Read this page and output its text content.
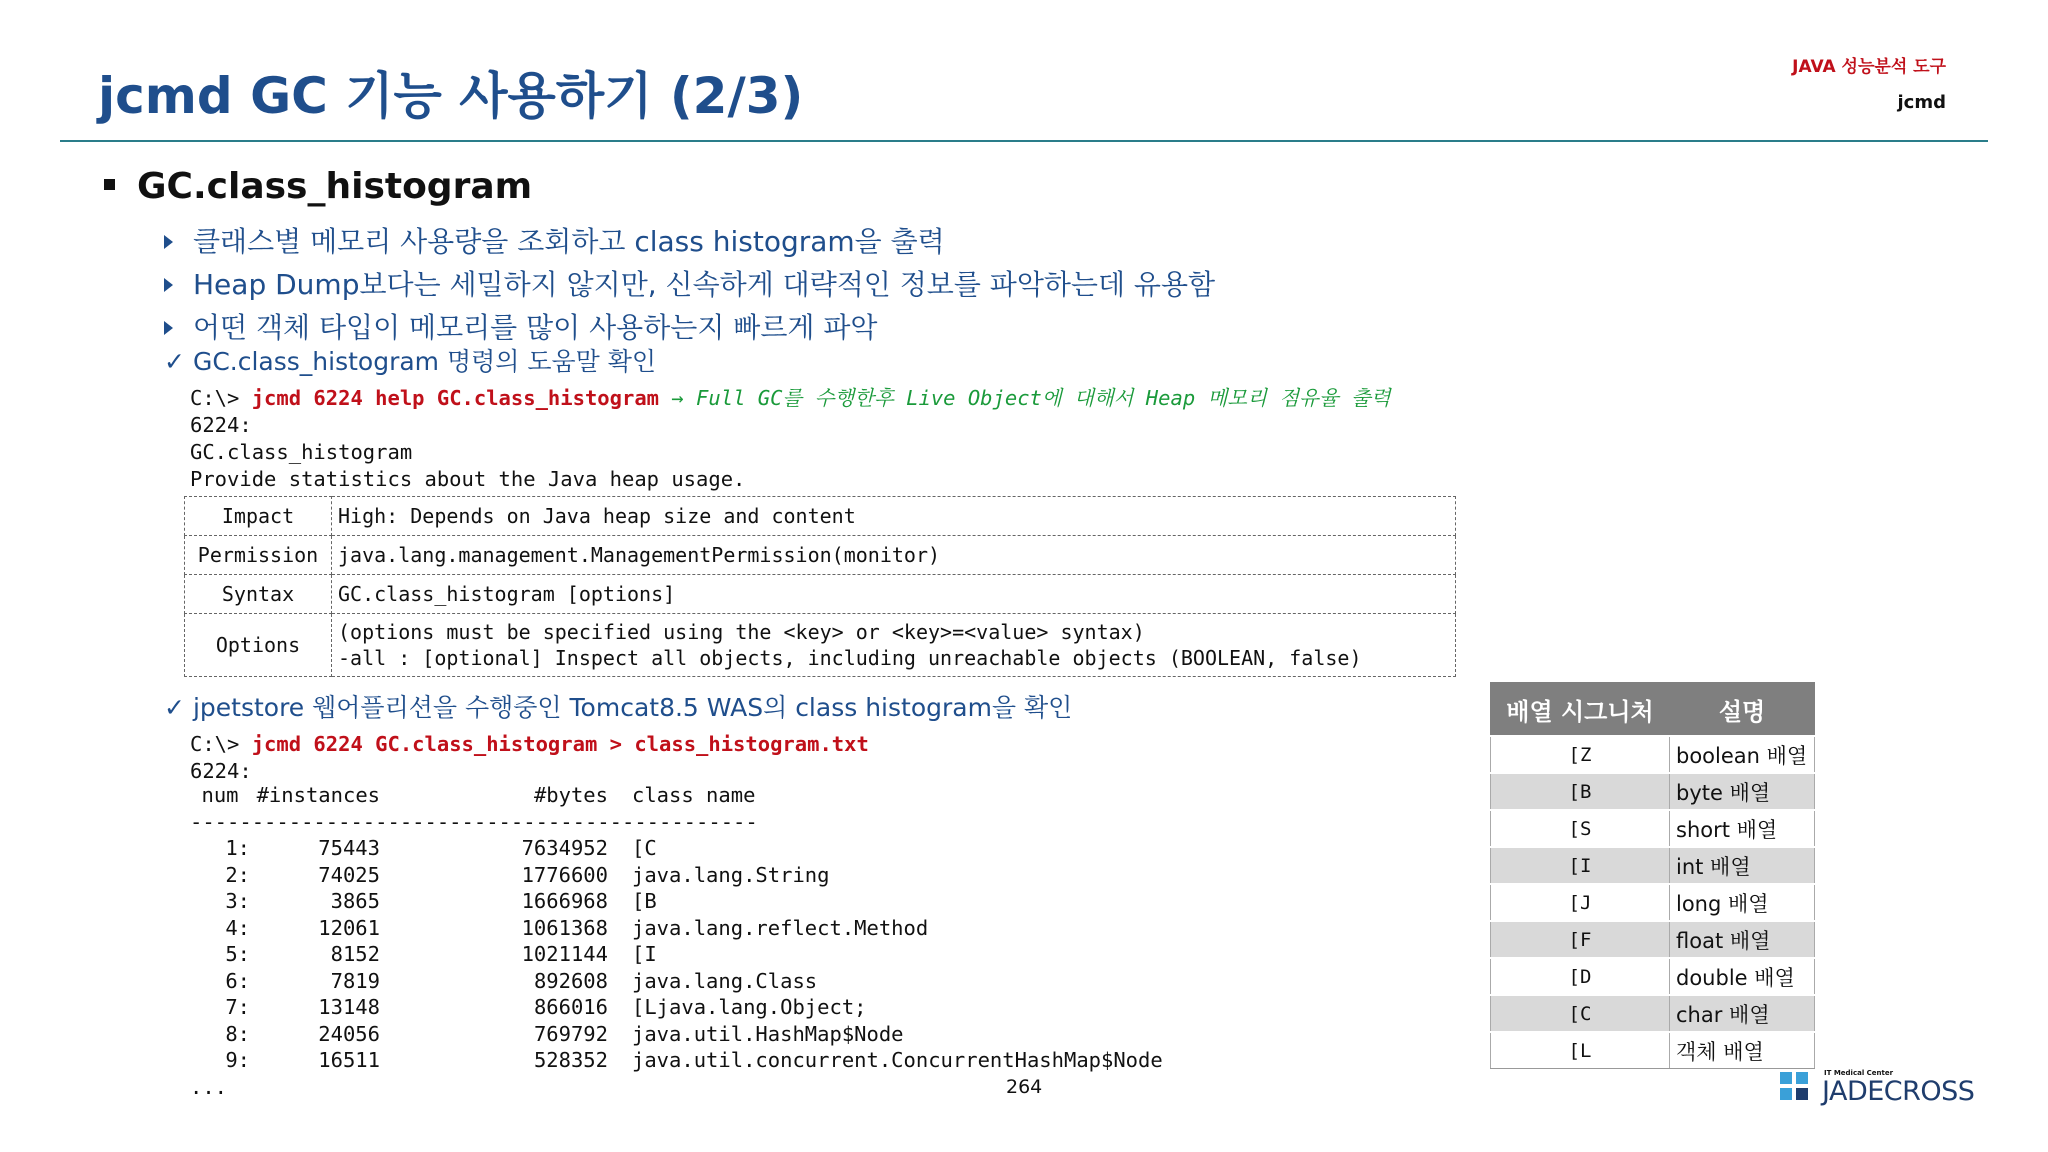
jcmd GC 기능 사용하기 (2/3)	JAVA 성능분석 도구
jcmd
GC.class_histogram
클래스별 메모리 사용량을 조회하고 class histogram을 출력
Heap Dump보다는 세밀하지 않지만, 신속하게 대략적인 정보를 파악하는데 유용함
어떤 객체 타입이 메모리를 많이 사용하는지 빠르게 파악
✓ GC.class_histogram 명령의 도움말 확인
C:\> jcmd 6224 help GC.class_histogram → Full GC를 수행한후 Live Object에 대해서 Heap 메모리 점유율 출력
6224:
GC.class_histogram
Provide statistics about the Java heap usage.
Impact	High: Depends on Java heap size and content
Permission	java.lang.management.ManagementPermission(monitor)
Syntax	GC.class_histogram [options]
Options	(options must be specified using the <key> or <key>=<value> syntax)
-all : [optional] Inspect all objects, including unreachable objects (BOOLEAN, false)
✓ jpetstore 웹어플리션을 수행중인 Tomcat8.5 WAS의 class histogram을 확인
C:\> jcmd 6224 GC.class_histogram > class_histogram.txt
6224:
num #instances	#bytes class name
----------------------------------------------
1:	75443	7634952 [C
2:	74025	1776600 java.lang.String
3:	3865	1666968 [B
4:	12061	1061368 java.lang.reflect.Method
5:	8152	1021144 [I
6:	7819	892608 java.lang.Class
7:	13148	866016 [Ljava.lang.Object;
8:	24056	769792 java.util.HashMap$Node
9:	16511	528352 java.util.concurrent.ConcurrentHashMap$Node
...
배열 시그니처	설명
[Z	boolean 배열
[B	byte 배열
[S	short 배열
[I	int 배열
[J	long 배열
[F	float 배열
[D	double 배열
[C	char 배열
[L	객체 배열
264
IT Medical Center
JADECROSS
